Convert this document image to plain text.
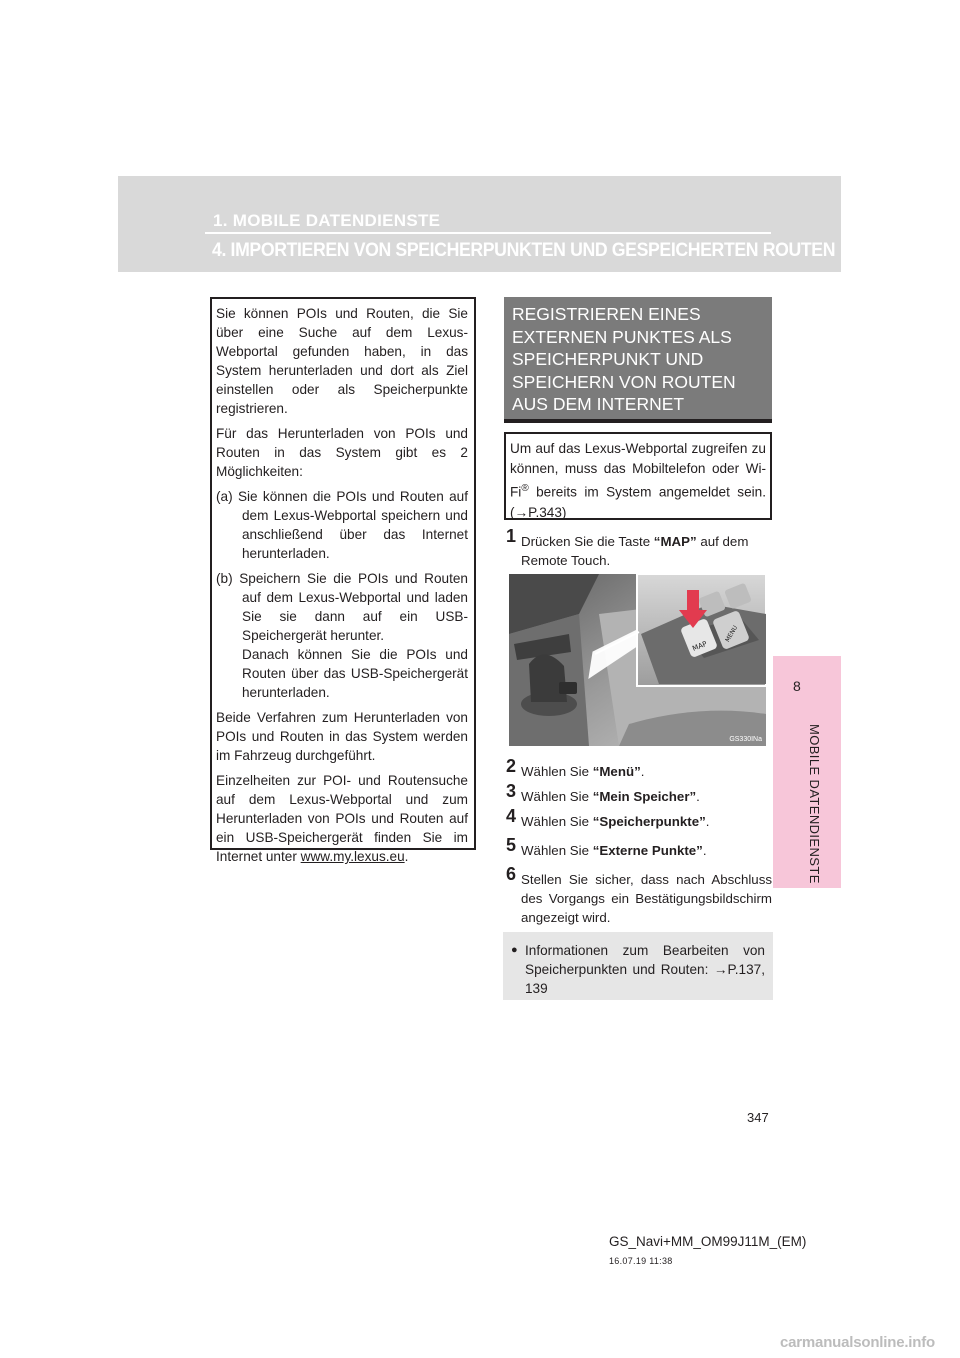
1. MOBILE DATENDIENSTE
4. IMPORTIEREN VON SPEICHERPUNKTEN UND GESPEICHERTEN ROUTEN
8
MOBILE DATENDIENSTE

Sie können POIs und Routen, die Sie über eine Suche auf dem Lexus-Webportal gefunden haben, in das System herunterladen und dort als Ziel einstellen oder als Speicherpunkte registrieren.

Für das Herunterladen von POIs und Routen in das System gibt es 2 Möglichkeiten:

(a) Sie können die POIs und Routen auf dem Lexus-Webportal speichern und anschließend über das Internet herunterladen.

(b) Speichern Sie die POIs und Routen auf dem Lexus-Webportal und laden Sie sie dann auf ein USB-Speichergerät herunter.

Danach können Sie die POIs und Routen über das USB-Speichergerät herunterladen.

Beide Verfahren zum Herunterladen von POIs und Routen in das System werden im Fahrzeug durchgeführt.

Einzelheiten zur POI- und Routensuche auf dem Lexus-Webportal und zum Herunterladen von POIs und Routen auf ein USB-Speichergerät finden Sie im Internet unter www.my.lexus.eu.

REGISTRIEREN EINES EXTERNEN PUNKTES ALS SPEICHERPUNKT UND SPEICHERN VON ROUTEN AUS DEM INTERNET
Um auf das Lexus-Webportal zugreifen zu können, muss das Mobiltelefon oder Wi-Fi® bereits im System angemeldet sein. (→P.343)
1 Drücken Sie die Taste “MAP” auf dem Remote Touch.
MAP
MENU
GS330INa
2 Wählen Sie “Menü”.
3 Wählen Sie “Mein Speicher”.
4 Wählen Sie “Speicherpunkte”.
5 Wählen Sie “Externe Punkte”.
6 Stellen Sie sicher, dass nach Abschluss des Vorgangs ein Bestätigungsbildschirm angezeigt wird.
● Informationen zum Bearbeiten von Speicherpunkten und Routen: →P.137, 139
347
GS_Navi+MM_OM99J11M_(EM)
16.07.19 11:38
carmanualsonline.info
